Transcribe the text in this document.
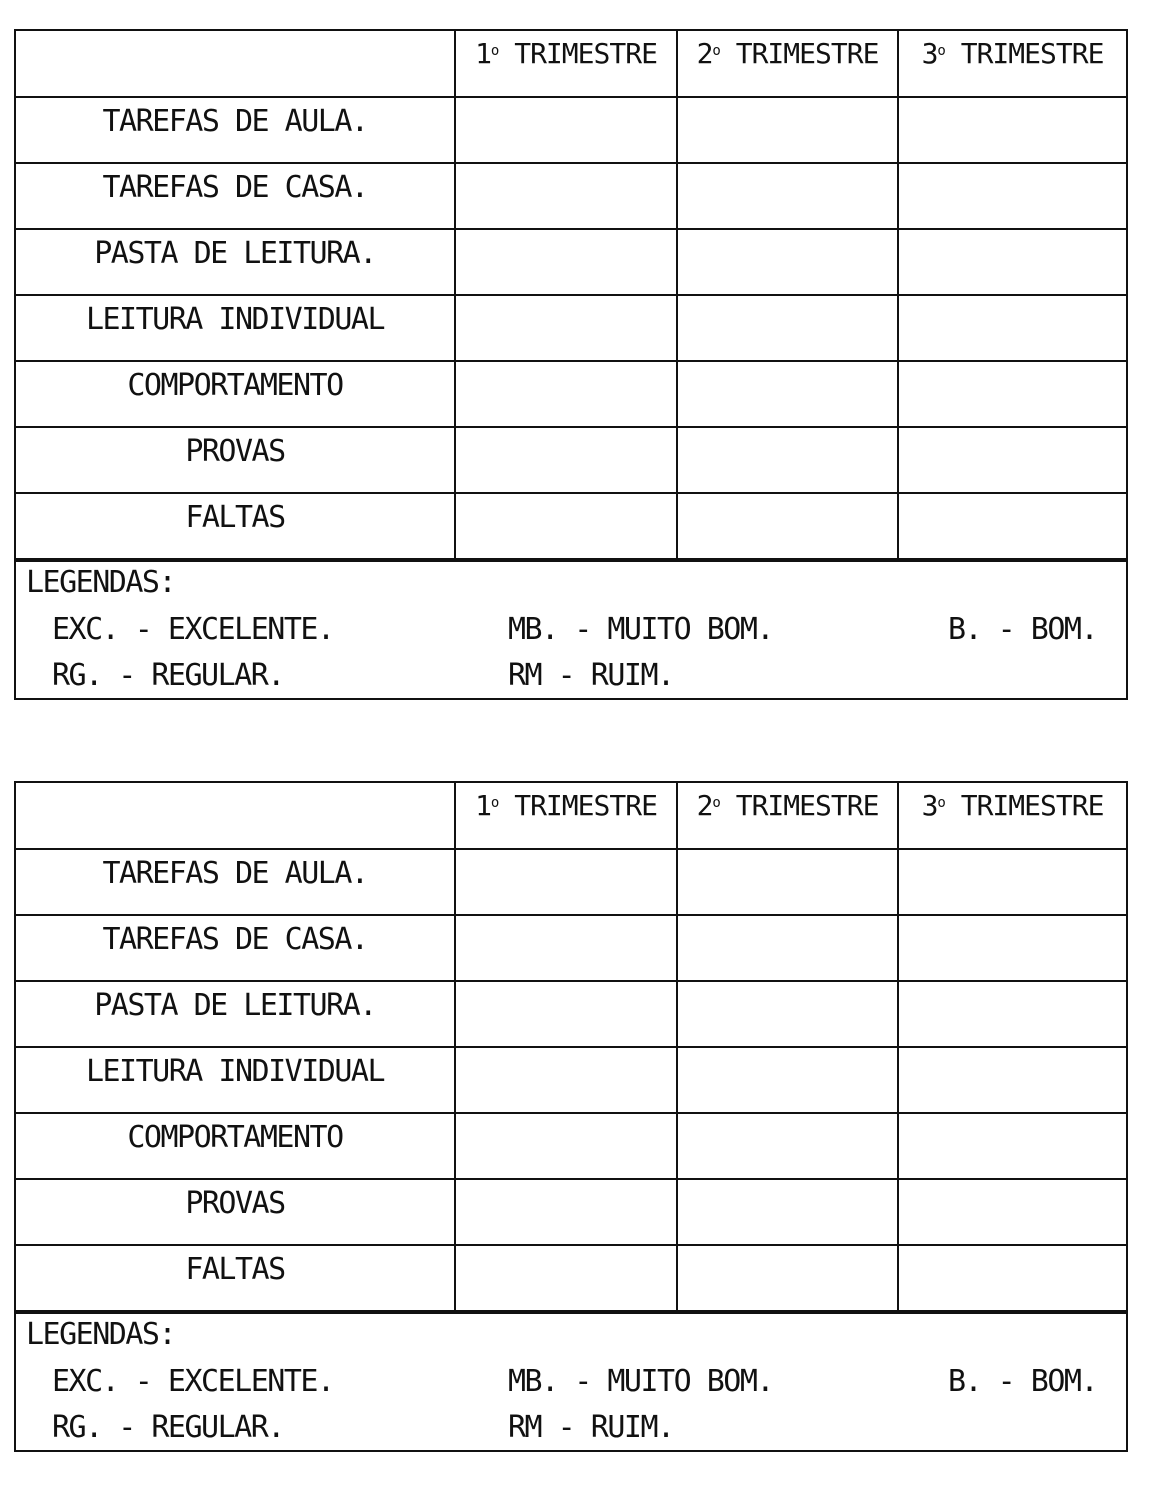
	1$^o$ TRIMESTRE	2$^o$ TRIMESTRE	3$^o$ TRIMESTRE
TAREFAS DE AULA.			
TAREFAS DE CASA.			
PASTA DE LEITURA.			
LEITURA INDIVIDUAL			
COMPORTAMENTO			
PROVAS			
FALTAS			
LEGENDAS:
EXC. - EXCELENTE.	MB. - MUITO BOM.	B. - BOM.
RG. - REGULAR.	RM - RUIM.
	1$^o$ TRIMESTRE	2$^o$ TRIMESTRE	3$^o$ TRIMESTRE
TAREFAS DE AULA.			
TAREFAS DE CASA.			
PASTA DE LEITURA.			
LEITURA INDIVIDUAL			
COMPORTAMENTO			
PROVAS			
FALTAS			
LEGENDAS:
EXC. - EXCELENTE.	MB. - MUITO BOM.	B. - BOM.
RG. - REGULAR.	RM - RUIM.
